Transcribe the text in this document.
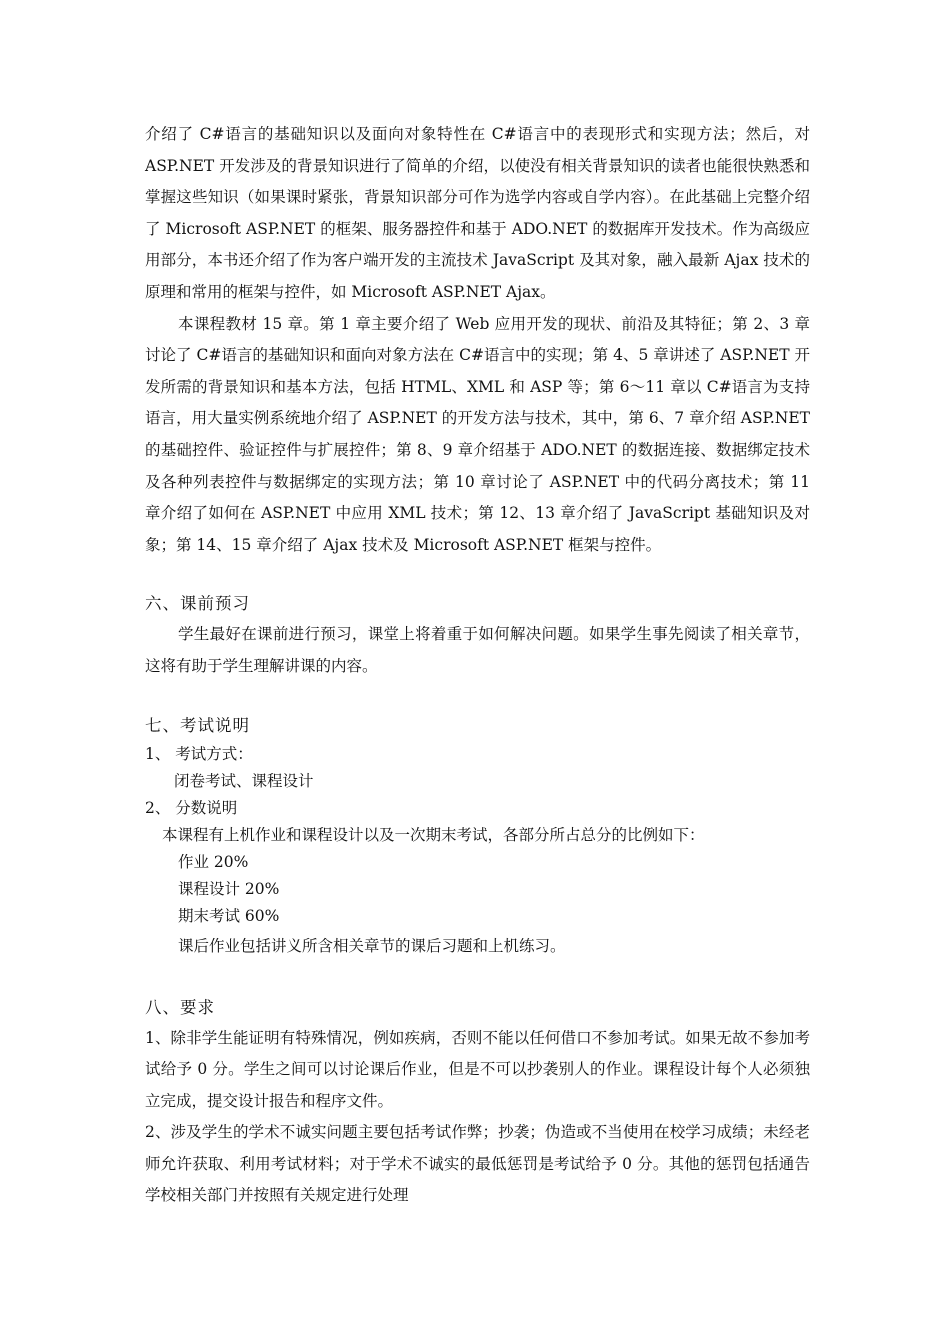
介绍了 C#语言的基础知识以及面向对象特性在 C#语言中的表现形式和实现方法；然后，对 ASP.NET 开发涉及的背景知识进行了简单的介绍，以使没有相关背景知识的读者也能很快熟悉和掌握这些知识（如果课时紧张，背景知识部分可作为选学内容或自学内容）。在此基础上完整介绍了 Microsoft ASP.NET 的框架、服务器控件和基于 ADO.NET 的数据库开发技术。作为高级应用部分，本书还介绍了作为客户端开发的主流技术 JavaScript 及其对象，融入最新 Ajax 技术的原理和常用的框架与控件，如 Microsoft ASP.NET Ajax。

本课程教材 15 章。第 1 章主要介绍了 Web 应用开发的现状、前沿及其特征；第 2、3 章讨论了 C#语言的基础知识和面向对象方法在 C#语言中的实现；第 4、5 章讲述了 ASP.NET 开发所需的背景知识和基本方法，包括 HTML、XML 和 ASP 等；第 6～11 章以 C#语言为支持语言，用大量实例系统地介绍了 ASP.NET 的开发方法与技术，其中，第 6、7 章介绍 ASP.NET 的基础控件、验证控件与扩展控件；第 8、9 章介绍基于 ADO.NET 的数据连接、数据绑定技术及各种列表控件与数据绑定的实现方法；第 10 章讨论了 ASP.NET 中的代码分离技术；第 11 章介绍了如何在 ASP.NET 中应用 XML 技术；第 12、13 章介绍了 JavaScript 基础知识及对象；第 14、15 章介绍了 Ajax 技术及 Microsoft ASP.NET 框架与控件。

六、课前预习

学生最好在课前进行预习，课堂上将着重于如何解决问题。如果学生事先阅读了相关章节，这将有助于学生理解讲课的内容。

七、考试说明

1、 考试方式：

闭卷考试、课程设计

2、 分数说明

本课程有上机作业和课程设计以及一次期末考试，各部分所占总分的比例如下：

作业 20%

课程设计 20%

期末考试 60%

课后作业包括讲义所含相关章节的课后习题和上机练习。

八、要求

1、除非学生能证明有特殊情况，例如疾病，否则不能以任何借口不参加考试。如果无故不参加考试给予 0 分。学生之间可以讨论课后作业，但是不可以抄袭别人的作业。课程设计每个人必须独立完成，提交设计报告和程序文件。

2、涉及学生的学术不诚实问题主要包括考试作弊；抄袭；伪造或不当使用在校学习成绩；未经老师允许获取、利用考试材料；对于学术不诚实的最低惩罚是考试给予 0 分。其他的惩罚包括通告学校相关部门并按照有关规定进行处理
